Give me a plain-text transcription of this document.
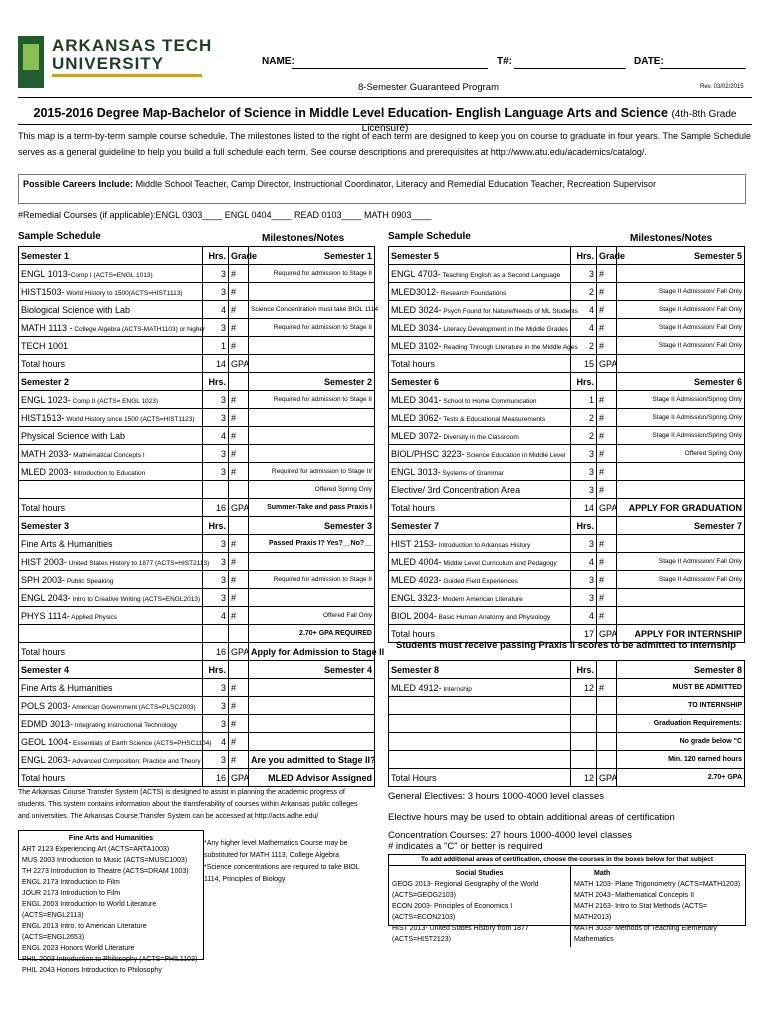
ARKANSAS TECH
UNIVERSITY	NAME:	T#:	DATE:
8-Semester Guaranteed Program	Rev. 03/02/2015
2015-2016 Degree Map-Bachelor of Science in Middle Level Education- English Language Arts and Science (4th-8th Grade Licensure)
This map is a term-by-term sample course schedule. The milestones listed to the right of each term are designed to keep you on course to graduate in four years. The Sample Schedule serves as a general guideline to help you build a full schedule each term. See course descriptions and prerequisites at http://www.atu.edu/academics/catalog/.
Possible Careers Include: Middle School Teacher, Camp Director, Instructional Coordinator, Literacy and Remedial Education Teacher, Recreation Supervisor
#Remedial Courses (if applicable):ENGL 0303____ ENGL 0404____ READ 0103____ MATH 0903____
Sample Schedule	Milestones/Notes	Sample Schedule	Milestones/Notes
Semester 1	Hrs.	Grade	Semester 1
ENGL 1013-Comp I (ACTS=ENGL 1013)	3	#	Required for admission to Stage II
HIST1503- World History to 1500(ACTS=HIST1113)	3	#	
Biological Science with Lab	4	#	Science Concentration must take BIOL 1114
MATH 1113 - College Algebra (ACTS-MATH1103) or higher	3	#	Required for admission to Stage II
TECH 1001	1	#	
Total hours	14	GPA	
Semester 2	Hrs.		Semester 2
ENGL 1023- Comp II (ACTS= ENGL 1023)	3	#	Required for admission to Stage II
HIST1513- World History since 1500 (ACTS=HIST1123)	3	#	
Physical Science with Lab	4	#	
MATH 2033- Mathematical Concepts I	3	#	
MLED 2003- Introduction to Education	3	#	Required for admission to Stage II/
			Offered Spring Only
Total hours	16	GPA	Summer-Take and pass Praxis I
Semester 3	Hrs.		Semester 3
Fine Arts & Humanities	3	#	Passed Praxis I? Yes?__No?__
HIST 2003- United States History to 1877 (ACTS=HIST2113)	3	#	
SPH 2003- Public Speaking	3	#	Required for admission to Stage II
ENGL 2043- Intro to Creative Writing (ACTS=ENGL2013)	3	#	
PHYS 1114- Applied Physics	4	#	Offered Fall Only
			2.70+ GPA REQUIRED
Total hours	16	GPA	Apply for Admission to Stage II
Semester 4	Hrs.		Semester 4
Fine Arts & Humanities	3	#	
POLS 2003- American Government (ACTS=PLSC2003)	3	#	
EDMD 3013- Integrating Instructional Technology	3	#	
GEOL 1004- Essentials of Earth Science (ACTS=PHSC1104)	4	#	
ENGL 2063- Advanced Composition: Practice and Theory	3	#	Are you admitted to Stage II?
Total hours	16	GPA	MLED Advisor Assigned
Semester 5	Hrs.	Grade	Semester 5
ENGL 4703- Teaching English as a Second Language	3	#	
MLED3012- Research Foundations	2	#	Stage II Admission/ Fall Only
MLED 3024- Psych Found for Nature/Needs of ML Students	4	#	Stage II Admission/ Fall Only
MLED 3034- Literacy Development in the Middle Grades	4	#	Stage II Admission/ Fall Only
MLED 3102- Reading Through Literature in the Middle Ages	2	#	Stage II Admission/ Fall Only
Total hours	15	GPA	
Semester 6	Hrs.		Semester 6
MLED 3041- School to Home Communication	1	#	Stage II Admission/Spring Only
MLED 3062- Tests & Educational Measurements	2	#	Stage II Admission/Spring Only
MLED 3072- Diversity in the Classroom	2	#	Stage II Admission/Spring Only
BIOL/PHSC 3223- Science Education in Middle Level	3	#	Offered Spring Only
ENGL 3013- Systems of Grammar	3	#	
Elective/ 3rd Concentration Area	3	#	
Total hours	14	GPA	APPLY FOR GRADUATION
Semester 7	Hrs.		Semester 7
HIST 2153- Introduction to Arkansas History	3	#	
MLED 4004- Middle Level Curriculum and Pedagogy	4	#	Stage II Admission/ Fall Only
MLED 4023- Guided Field Experiences	3	#	Stage II Admission/ Fall Only
ENGL 3323- Modern American Literature	3	#	
BIOL 2004- Basic Human Anatomy and Physiology	4	#	
Total hours	17	GPA	APPLY FOR INTERNSHIP
Students must receive passing Praxis II scores to be admitted to Internship
Semester 8	Hrs.		Semester 8
MLED 4912- Internship	12	#	MUST BE ADMITTED
			TO INTERNSHIP
			Graduation Requirements:
			No grade below "C
			Min. 120 earned hours
Total Hours	12	GPA	2.70+ GPA
The Arkansas Course Transfer System (ACTS) is designed to assist in planning the academic progress of students. This system contains information about the transferability of courses within Arkansas public colleges and universities. The Arkansas Course Transfer System can be accessed at http://acts.adhe.edu/
Fine Arts and Humanities
ART 2123 Experiencing Art (ACTS=ARTA1003)
MUS 2003 Introduction to Music (ACTS=MUSC1003)
TH 2273 Introduction to Theatre (ACTS=DRAM 1003)
ENGL 2173 Introduction to Film
JOUR 2173 Introduction to Film
ENGL 2003 Introduction to World Literature (ACTS=ENGL2113)
ENGL 2013 Intro. to American Literature (ACTS=ENGL2653)
ENGL 2023 Honors World Literature
PHIL 2003 Introduction to Philosophy (ACTS=PHIL1103)
PHIL 2043 Honors Introduction to Philosophy
*Any higher level Mathematics Course may be substituted for MATH 1113, College Algebra
*Science concentrations are required to take BIOL 1114, Principles of Biology
General Electives: 3 hours 1000-4000 level classes
Elective hours may be used to obtain additional areas of certification
Concentration Courses: 27 hours 1000-4000 level classes
# indicates a "C" or better is required
To add additional areas of certification, choose the courses in the boxes below for that subject
Social Studies
GEOG 2013- Regional Geography of the World (ACTS=GEOG2103)
ECON 2003- Principles of Economics I (ACTS=ECON2103)
HIST 2013- United States History from 1877 (ACTS=HIST2123)
Math
MATH 1203- Plane Trigonometry (ACTS=MATH1203)
MATH 2043- Mathematical Concepts II
MATH 2163- Intro to Stat Methods (ACTS= MATH2013)
MATH 3033- Methods of Teaching Elementary Mathematics
